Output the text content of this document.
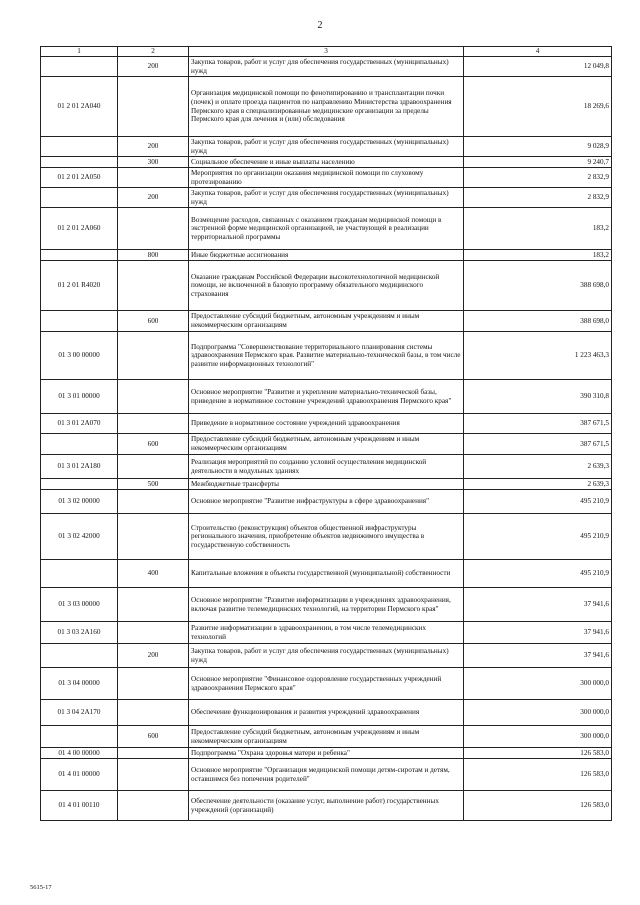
2
1	2	3	4
	200	Закупка товаров, работ и услуг для обеспечения государственных (муниципальных) нужд	12 049,8
01 2 01 2А040		Организация медицинской помощи по фенотипированию и трансплантации почки (почек) и оплате проезда пациентов по направлению Министерства здравоохранения Пермского края в специализированные медицинские организации за пределы Пермского края для лечения и (или) обследования	18 269,6
	200	Закупка товаров, работ и услуг для обеспечения государственных (муниципальных) нужд	9 028,9
	300	Социальное обеспечение и иные выплаты населению	9 240,7
01 2 01 2А050		Мероприятия по организации оказания медицинской помощи по слуховому протезированию	2 832,9
	200	Закупка товаров, работ и услуг для обеспечения государственных (муниципальных) нужд	2 832,9
01 2 01 2А060		Возмещение расходов, связанных с оказанием гражданам медицинской помощи в экстренной форме медицинской организацией, не участвующей в реализации территориальной программы	183,2
	800	Иные бюджетные ассигнования	183,2
01 2 01 R4020		Оказание гражданам Российской Федерации высокотехнологичной медицинской помощи, не включенной в базовую программу обязательного медицинского страхования	388 698,0
	600	Предоставление субсидий бюджетным, автономным учреждениям и иным некоммерческим организациям	388 698,0
01 3 00 00000		Подпрограмма "Совершенствование территориального планирования системы здравоохранения Пермского края. Развитие материально-технической базы, в том числе развитие информационных технологий"	1 223 463,3
01 3 01 00000		Основное мероприятие "Развитие и укрепление материально-технической базы, приведение в нормативное состояние учреждений здравоохранения Пермского края"	390 310,8
01 3 01 2А070		Приведение в нормативное состояние учреждений здравоохранения	387 671,5
	600	Предоставление субсидий бюджетным, автономным учреждениям и иным некоммерческим организациям	387 671,5
01 3 01 2А180		Реализация мероприятий по созданию условий осуществления медицинской деятельности в модульных зданиях	2 639,3
	500	Межбюджетные трансферты	2 639,3
01 3 02 00000		Основное мероприятие "Развитие инфраструктуры в сфере здравоохранения"	495 210,9
01 3 02 42000		Строительство (реконструкция) объектов общественной инфраструктуры регионального значения, приобретение объектов недвижимого имущества в государственную собственность	495 210,9
	400	Капитальные вложения в объекты государственной (муниципальной) собственности	495 210,9
01 3 03 00000		Основное мероприятие "Развитие информатизации в учреждениях здравоохранения, включая развитие телемедицинских технологий, на территории Пермского края"	37 941,6
01 3 03 2А160		Развитие информатизации в здравоохранении, в том числе телемедицинских технологий	37 941,6
	200	Закупка товаров, работ и услуг для обеспечения государственных (муниципальных) нужд	37 941,6
01 3 04 00000		Основное мероприятие "Финансовое оздоровление государственных учреждений здравоохранения Пермского края"	300 000,0
01 3 04 2А170		Обеспечение функционирования и развития учреждений здравоохранения	300 000,0
	600	Предоставление субсидий бюджетным, автономным учреждениям и иным некоммерческим организациям	300 000,0
01 4 00 00000		Подпрограмма "Охрана здоровья матери и ребенка"	126 583,0
01 4 01 00000		Основное мероприятие "Организация медицинской помощи детям-сиротам и детям, оставшимся без попечения родителей"	126 583,0
01 4 01 00110		Обеспечение деятельности (оказание услуг, выполнение работ) государственных учреждений (организаций)	126 583,0
5615-17
